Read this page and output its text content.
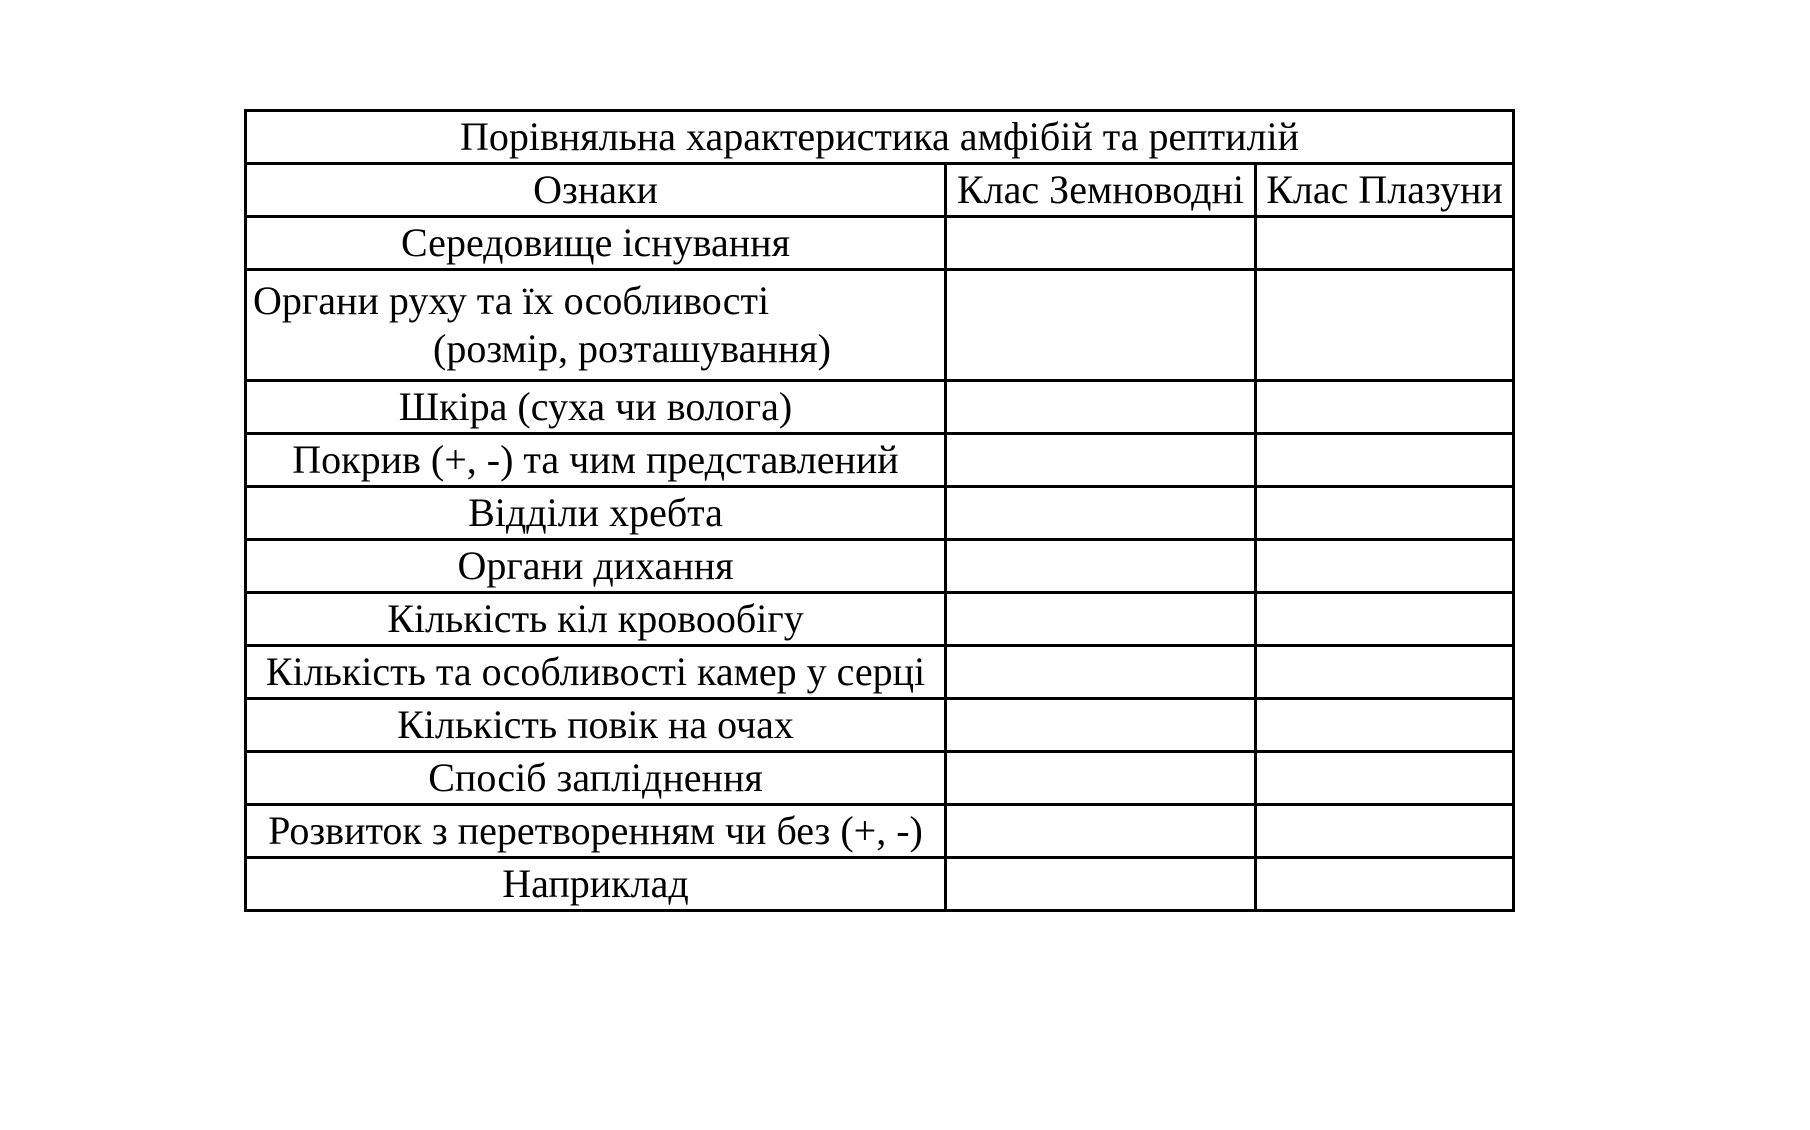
Порівняльна характеристика амфібій та рептилій		
Ознаки	Клас Земноводні	Клас Плазуни
Середовище існування		
Органи руху та їх особливості
(розмір, розташування)		

Шкіра (суха чи волога)		
Покрив (+, -) та чим представлений		
Відділи хребта		
Органи дихання		
Кількість кіл кровообігу		
Кількість та особливості камер у серці		
Кількість повік на очах		
Спосіб запліднення		
Розвиток з перетворенням чи без (+, -)		
Наприклад		
